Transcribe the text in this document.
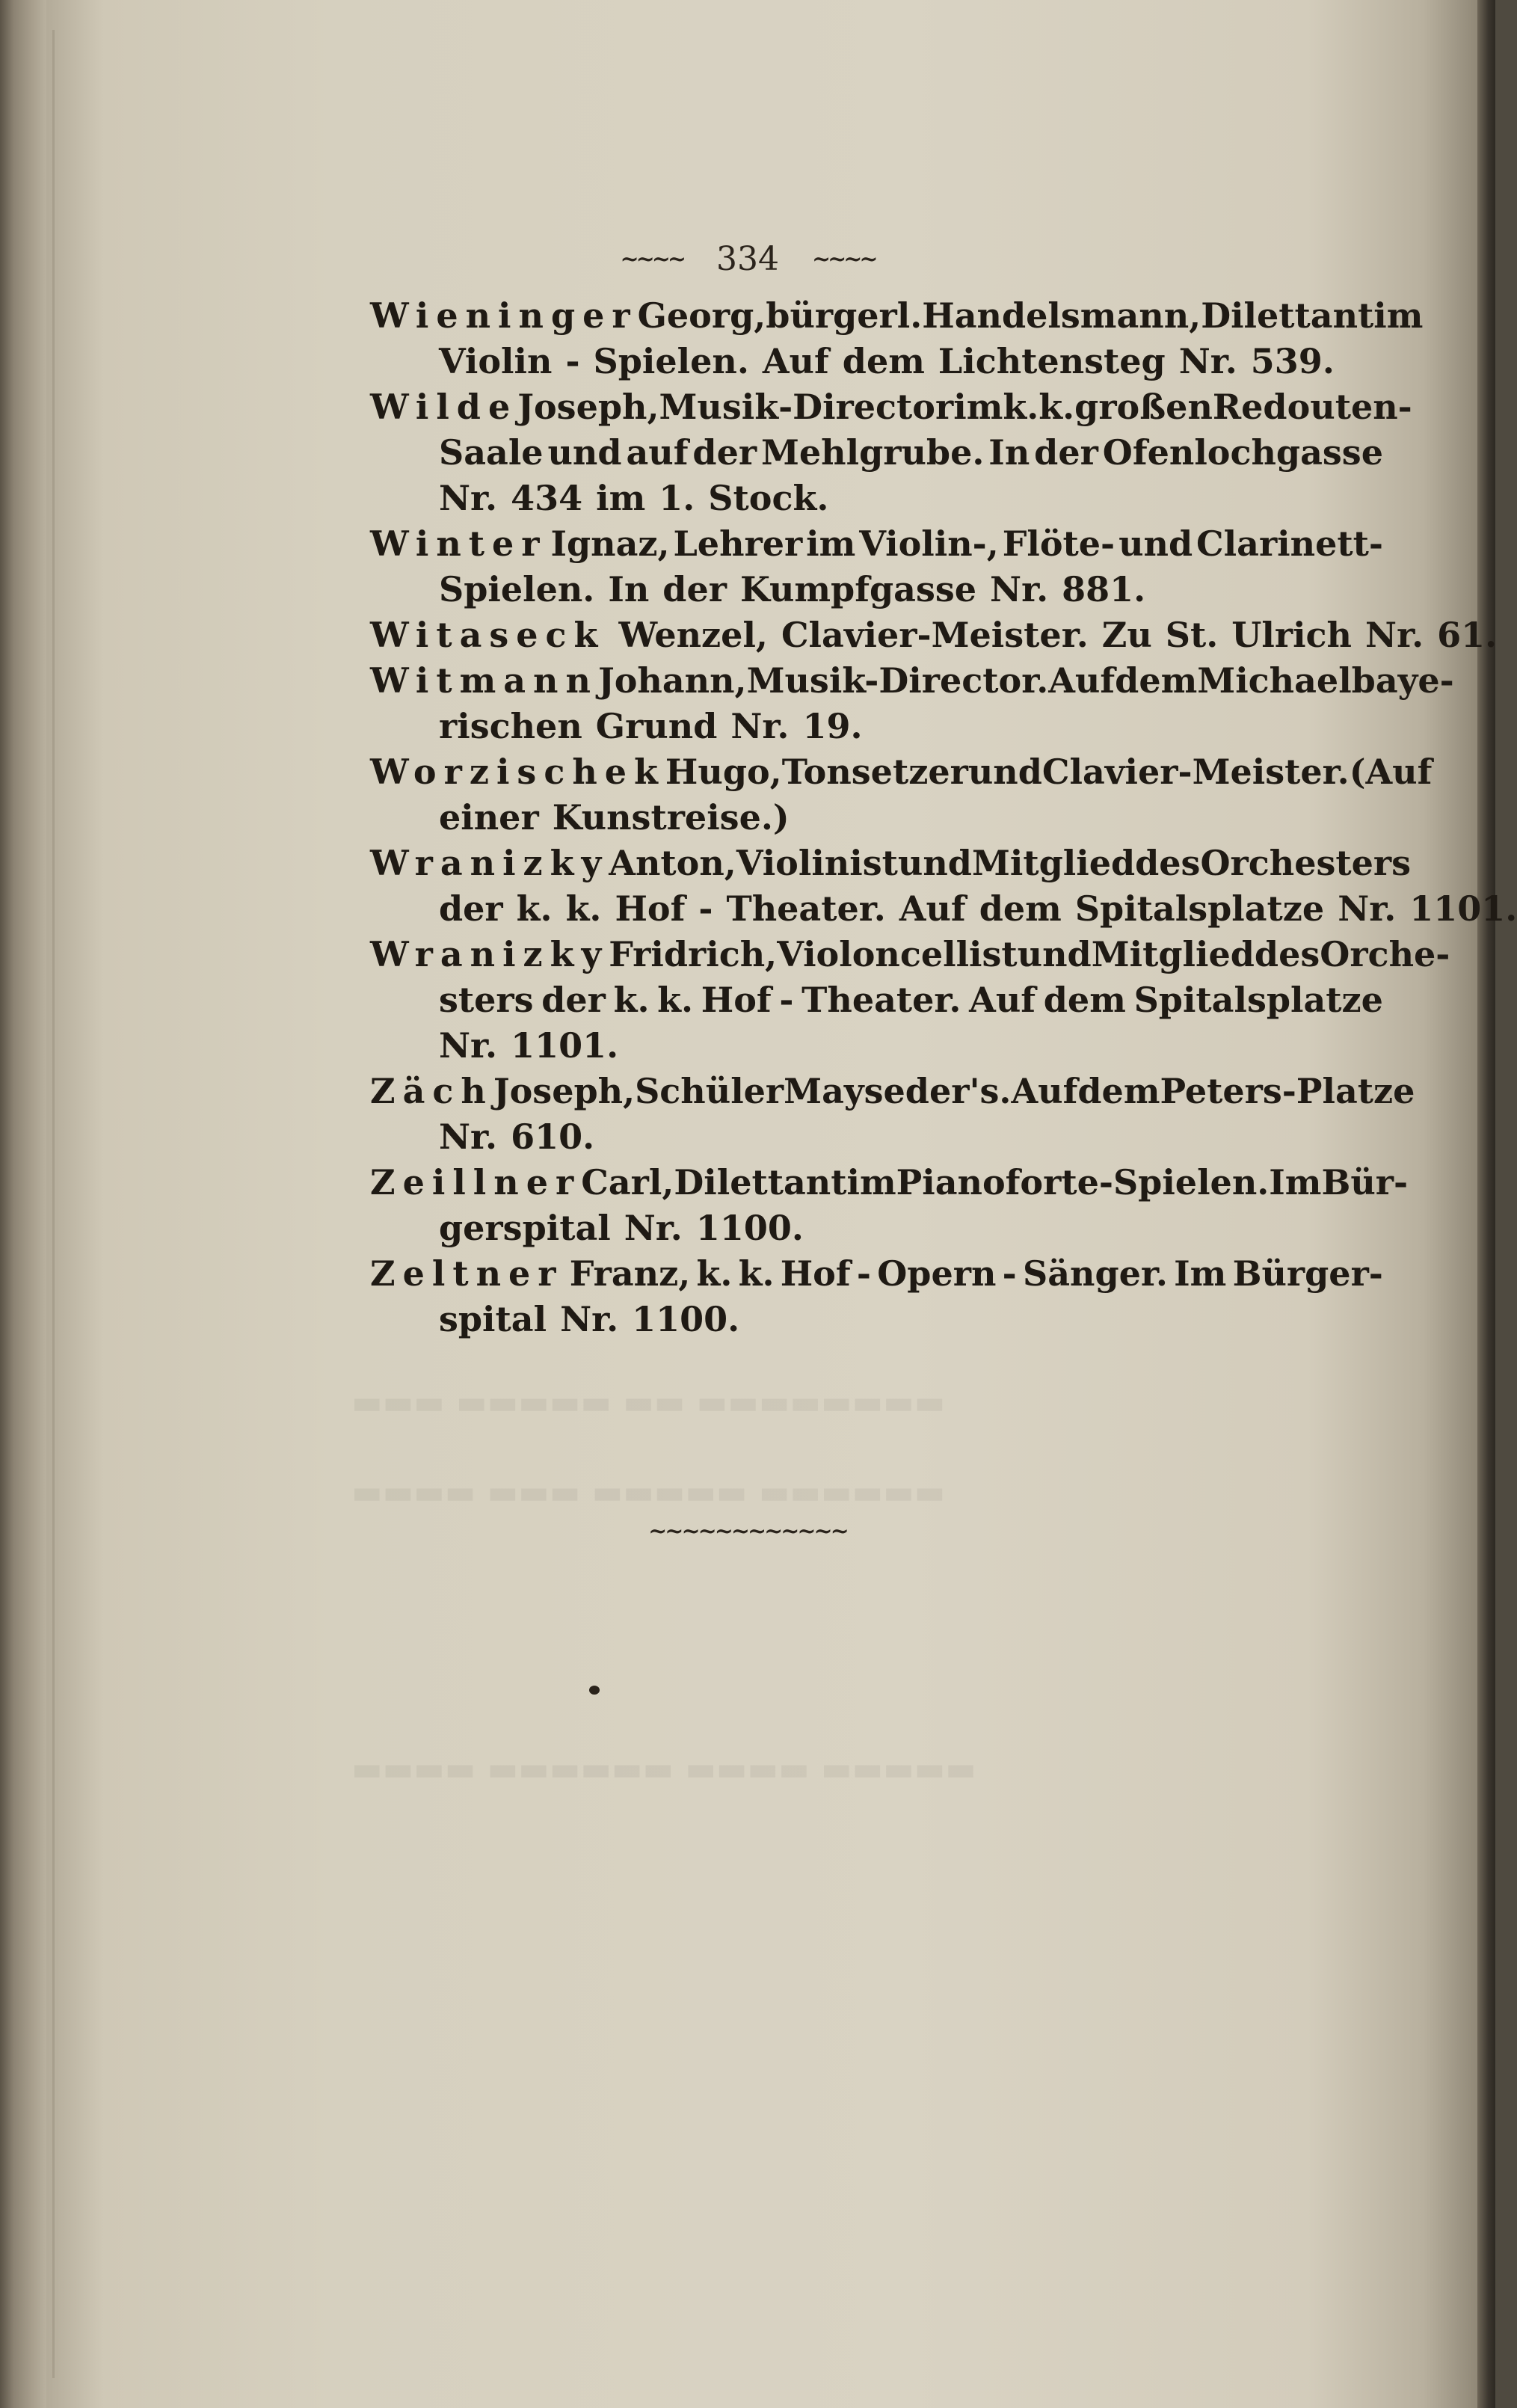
▬▬▬ ▬▬▬▬▬ ▬▬ ▬▬▬▬▬▬▬▬
▬▬▬▬ ▬▬▬ ▬▬▬▬▬ ▬▬▬▬▬▬
▬▬▬▬ ▬▬▬▬▬▬ ▬▬▬▬ ▬▬▬▬▬
~~~~ 334 ~~~~
Wieninger Georg, bürgerl. Handelsmann, Dilettant im
Violin - Spielen. Auf dem Lichtensteg Nr. 539.
Wilde Joseph, Musik - Director im k. k. großen Redouten-
Saale und auf der Mehlgrube. In der Ofenlochgasse
Nr. 434 im 1. Stock.
Winter Ignaz, Lehrer im Violin-, Flöte- und Clarinett-
Spielen. In der Kumpfgasse Nr. 881.
Witaseck Wenzel, Clavier-Meister. Zu St. Ulrich Nr. 61.
Witmann Johann, Musik-Director. Auf dem Michaelbaye-
rischen Grund Nr. 19.
Worzischek Hugo, Tonsetzer und Clavier - Meister. (Auf
einer Kunstreise.)
Wranizky Anton, Violinist und Mitglied des Orchesters
der k. k. Hof - Theater. Auf dem Spitalsplatze Nr. 1101.
Wranizky Fridrich, Violoncellist und Mitglied des Orche-
sters der k. k. Hof - Theater. Auf dem Spitalsplatze
Nr. 1101.
Zäch Joseph, Schüler Mayseder's. Auf dem Peters - Platze
Nr. 610.
Zeillner Carl, Dilettant im Pianoforte-Spielen. Im Bür-
gerspital Nr. 1100.
Zeltner Franz, k. k. Hof - Opern - Sänger. Im Bürger-
spital Nr. 1100.
~~~~~~~~~~~~
